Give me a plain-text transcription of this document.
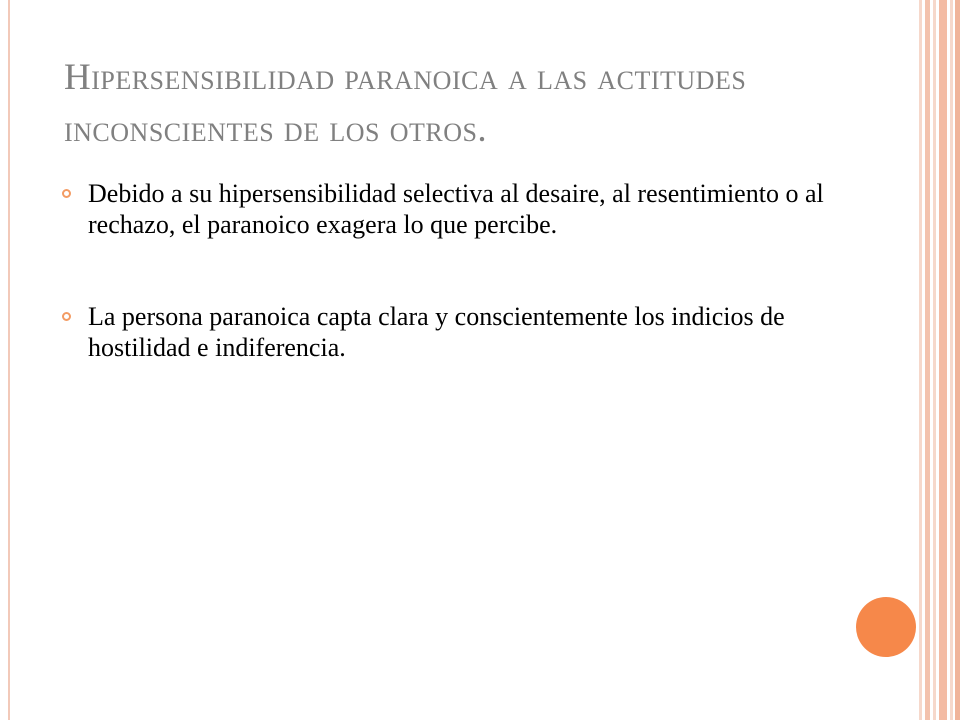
Hipersensibilidad paranoica a las actitudes inconscientes de los otros.
Debido a su hipersensibilidad selectiva al desaire, al resentimiento o al rechazo, el paranoico exagera lo que percibe.
La persona paranoica capta clara y conscientemente los indicios de hostilidad e indiferencia.
